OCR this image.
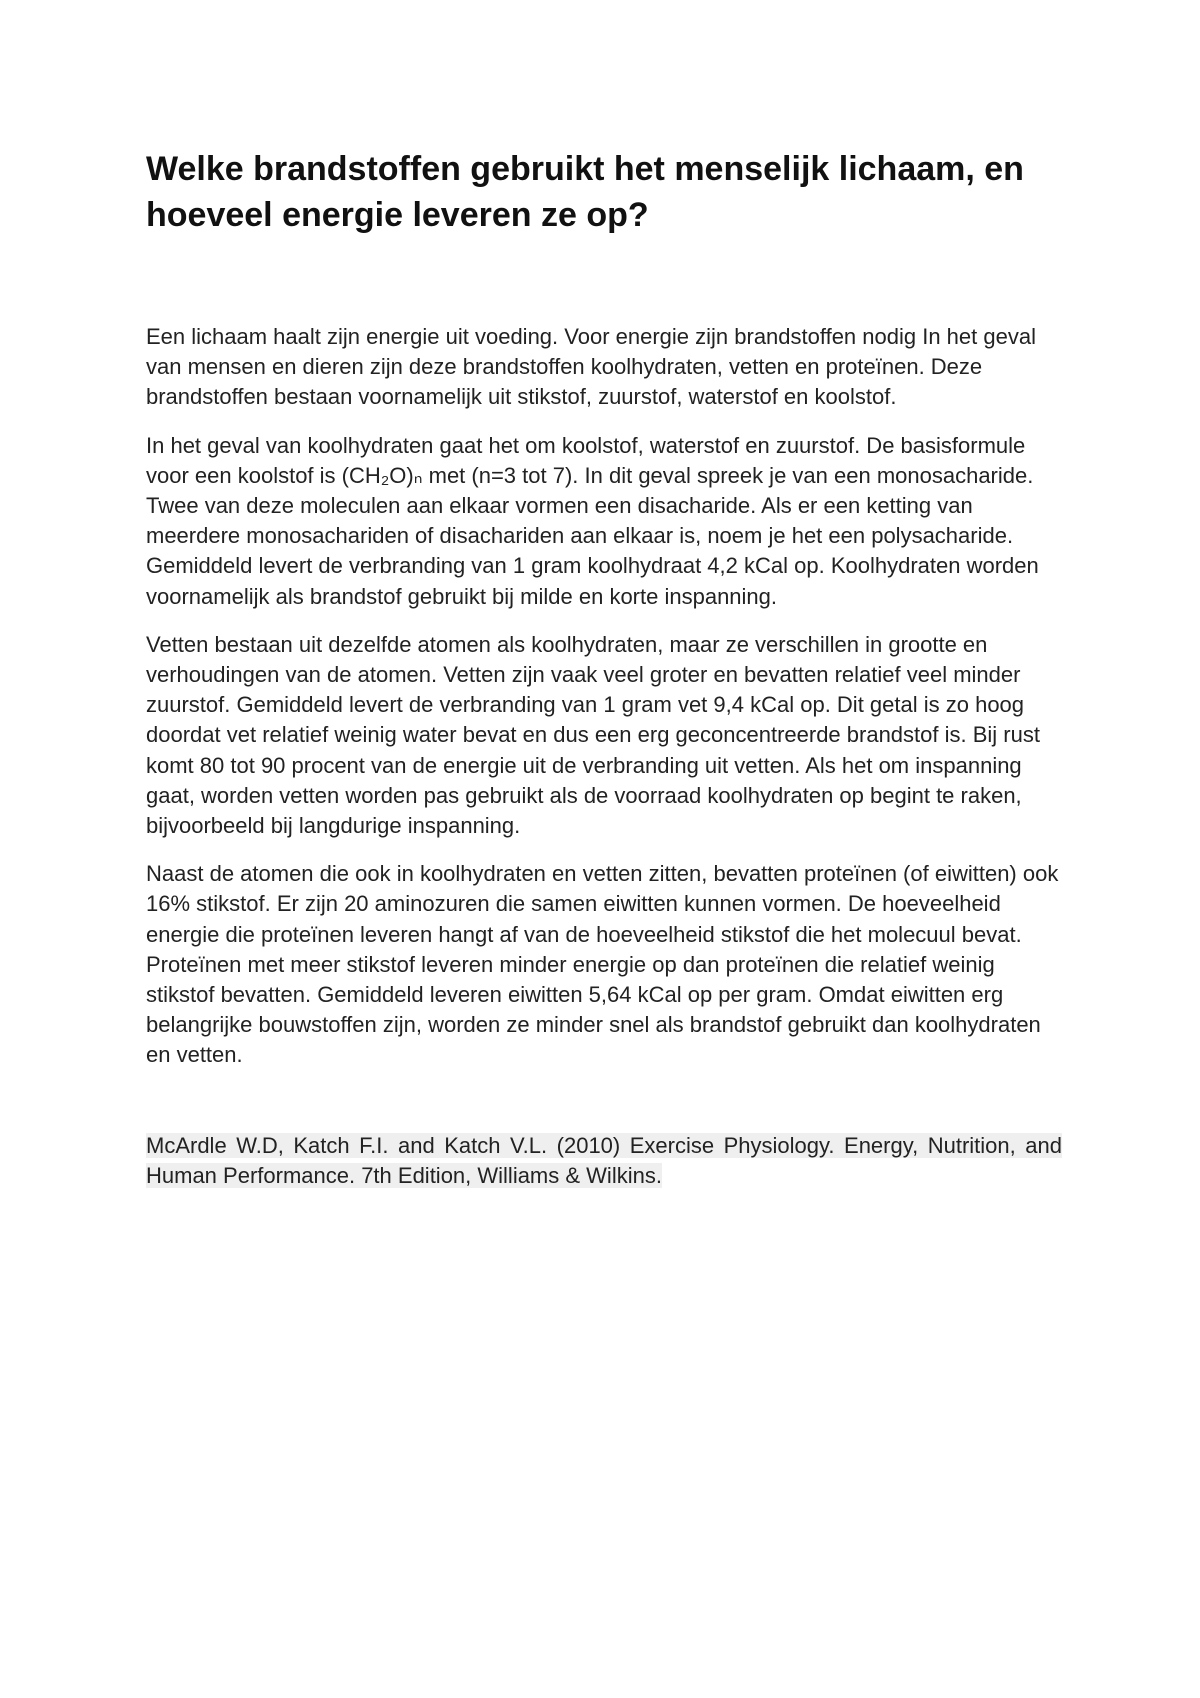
Welke brandstoffen gebruikt het menselijk lichaam, en hoeveel energie leveren ze op?

Een lichaam haalt zijn energie uit voeding. Voor energie zijn brandstoffen nodig In het geval van mensen en dieren zijn deze brandstoffen koolhydraten, vetten en proteïnen. Deze brandstoffen bestaan voornamelijk uit stikstof, zuurstof, waterstof en koolstof.

In het geval van koolhydraten gaat het om koolstof, waterstof en zuurstof. De basisformule voor een koolstof is (CH₂O)ₙ met (n=3 tot 7). In dit geval spreek je van een monosacharide. Twee van deze moleculen aan elkaar vormen een disacharide. Als er een ketting van meerdere monosachariden of disachariden aan elkaar is, noem je het een polysacharide. Gemiddeld levert de verbranding van 1 gram koolhydraat 4,2 kCal op. Koolhydraten worden voornamelijk als brandstof gebruikt bij milde en korte inspanning.

Vetten bestaan uit dezelfde atomen als koolhydraten, maar ze verschillen in grootte en verhoudingen van de atomen. Vetten zijn vaak veel groter en bevatten relatief veel minder zuurstof. Gemiddeld levert de verbranding van 1 gram vet 9,4 kCal op. Dit getal is zo hoog doordat vet relatief weinig water bevat en dus een erg geconcentreerde brandstof is. Bij rust komt 80 tot 90 procent van de energie uit de verbranding uit vetten. Als het om inspanning gaat, worden vetten worden pas gebruikt als de voorraad koolhydraten op begint te raken, bijvoorbeeld bij langdurige inspanning.

Naast de atomen die ook in koolhydraten en vetten zitten, bevatten proteïnen (of eiwitten) ook 16% stikstof. Er zijn 20 aminozuren die samen eiwitten kunnen vormen. De hoeveelheid energie die proteïnen leveren hangt af van de hoeveelheid stikstof die het molecuul bevat. Proteïnen met meer stikstof leveren minder energie op dan proteïnen die relatief weinig stikstof bevatten. Gemiddeld leveren eiwitten 5,64 kCal op per gram. Omdat eiwitten erg belangrijke bouwstoffen zijn, worden ze minder snel als brandstof gebruikt dan koolhydraten en vetten.

McArdle W.D, Katch F.I. and Katch V.L. (2010) Exercise Physiology. Energy, Nutrition, and Human Performance. 7th Edition, Williams & Wilkins.
